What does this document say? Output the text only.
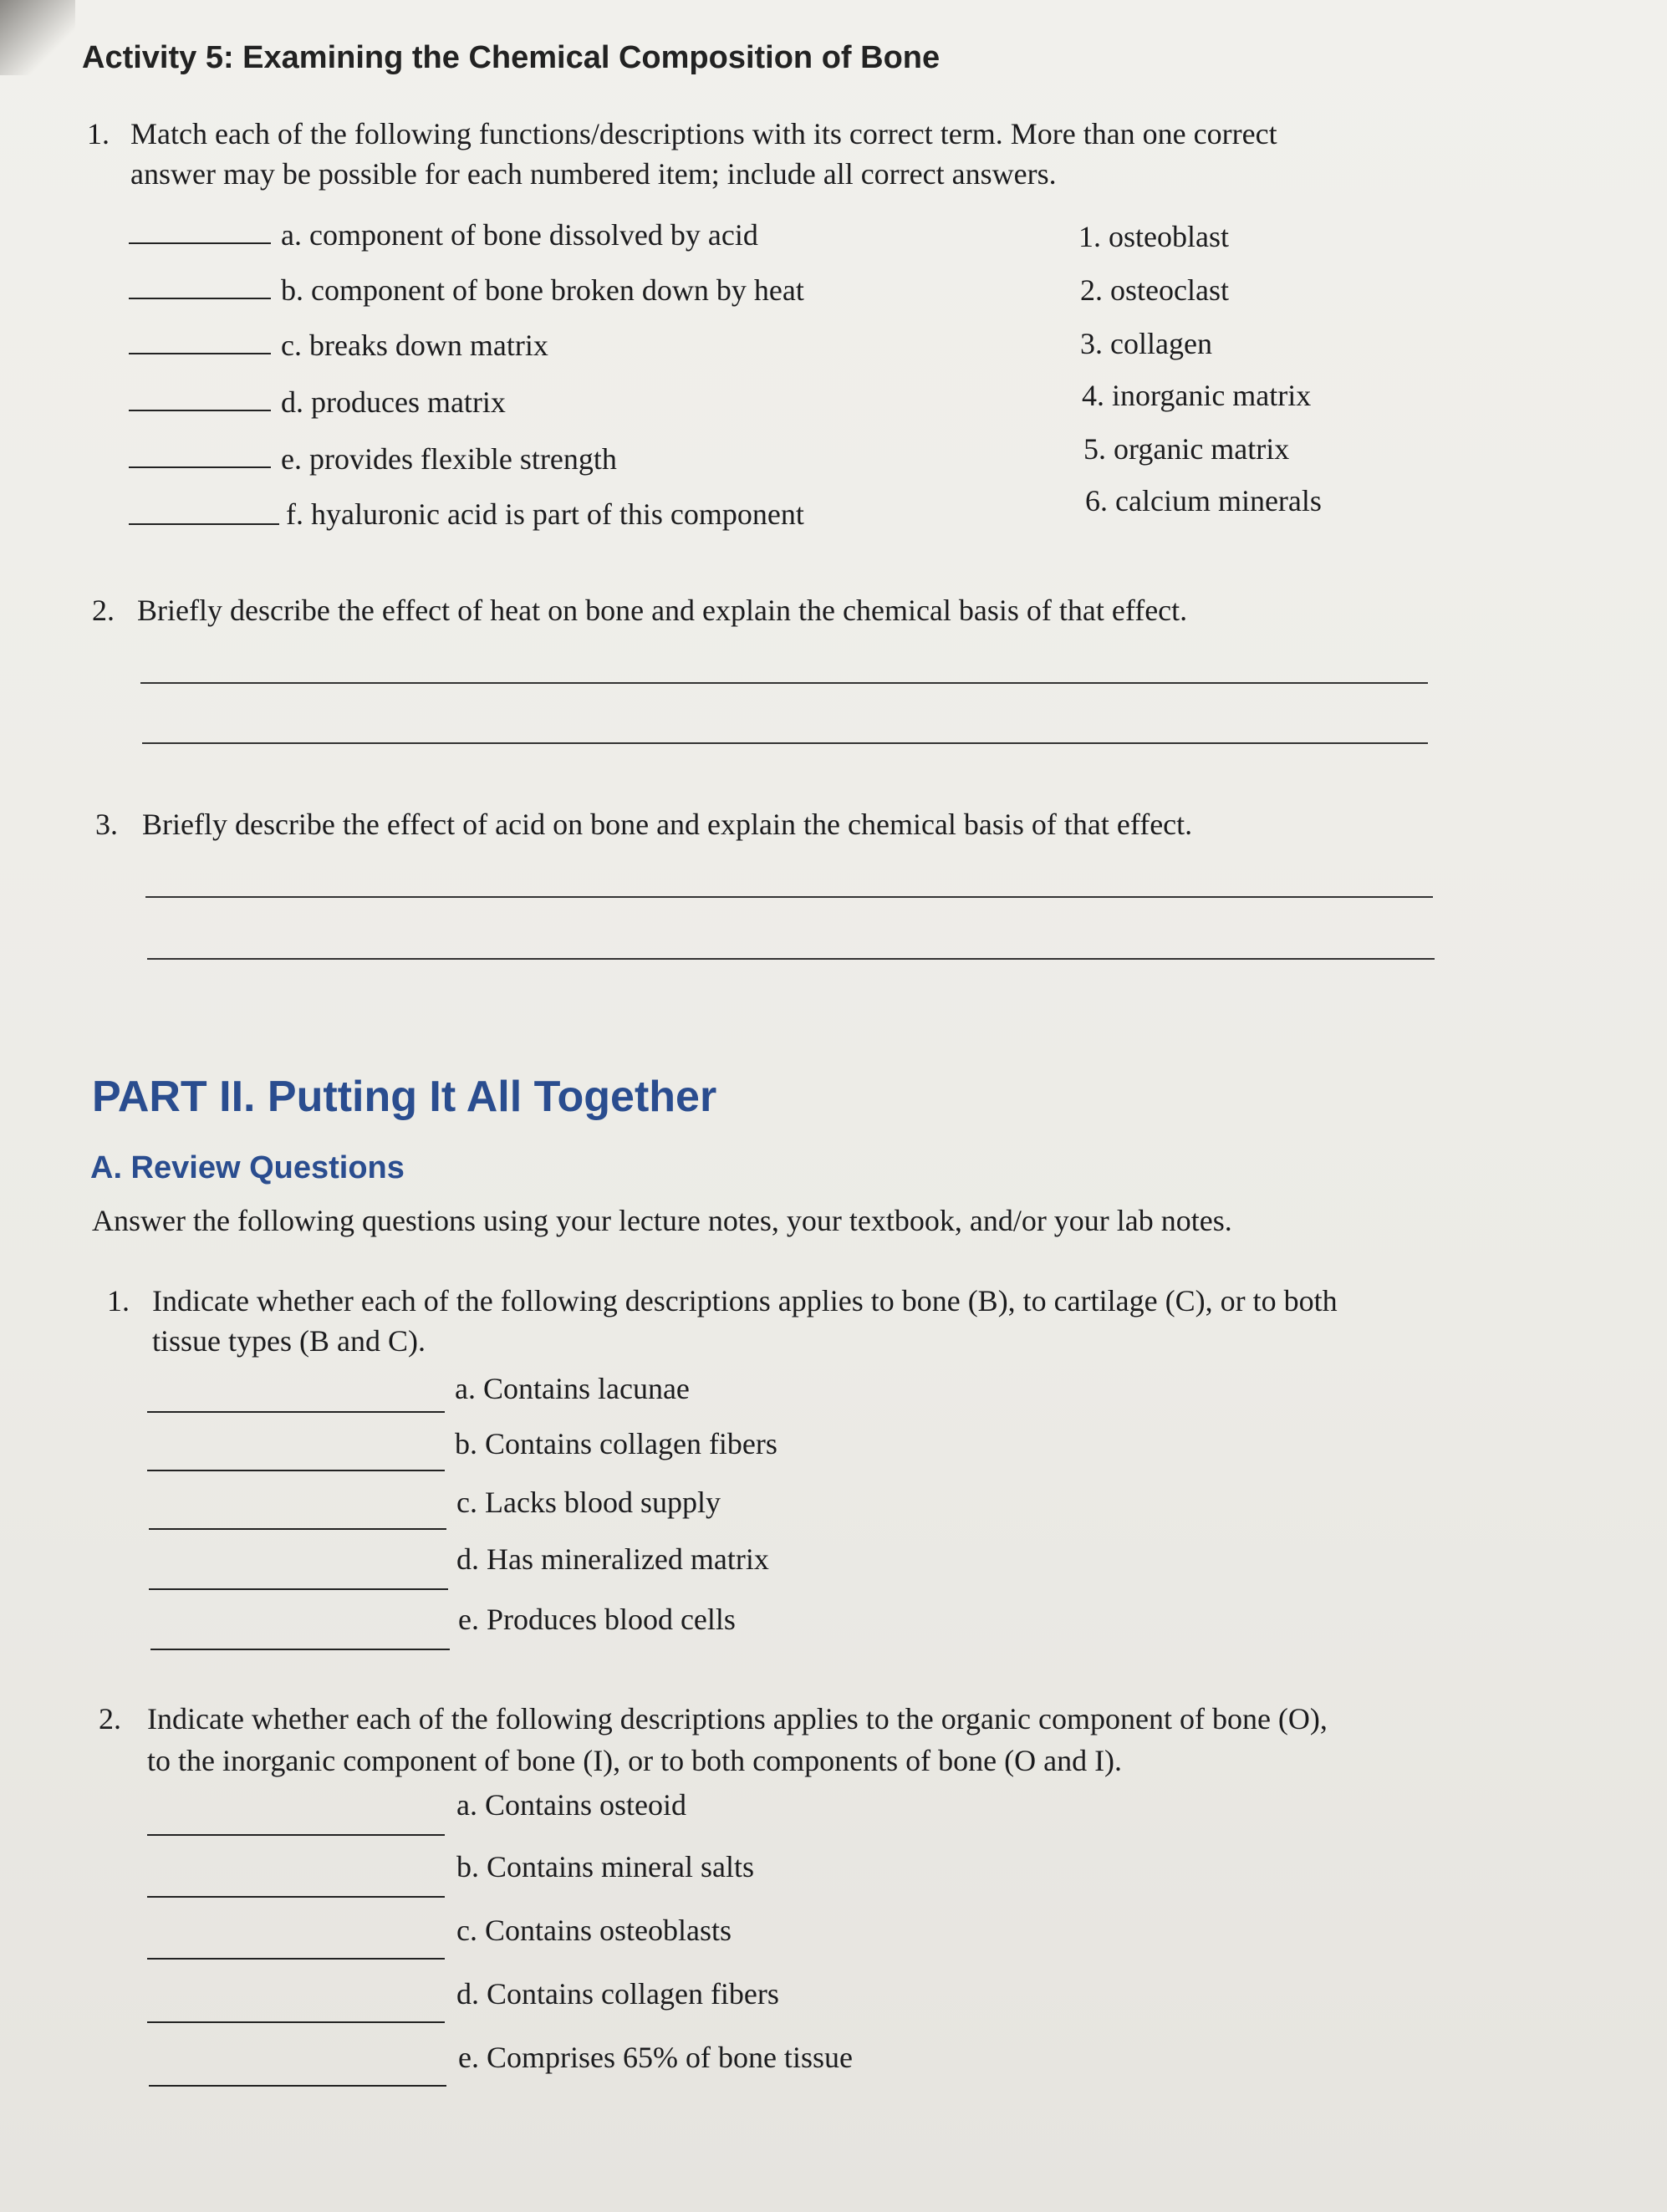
Activity 5: Examining the Chemical Composition of Bone
1. Match each of the following functions/descriptions with its correct term. More than one correct
answer may be possible for each numbered item; include all correct answers.
a. component of bone dissolved by acid
b. component of bone broken down by heat
c. breaks down matrix
d. produces matrix
e. provides flexible strength
f. hyaluronic acid is part of this component
1. osteoblast
2. osteoclast
3. collagen
4. inorganic matrix
5. organic matrix
6. calcium minerals
2. Briefly describe the effect of heat on bone and explain the chemical basis of that effect.
3. Briefly describe the effect of acid on bone and explain the chemical basis of that effect.
PART II. Putting It All Together
A. Review Questions
Answer the following questions using your lecture notes, your textbook, and/or your lab notes.
1. Indicate whether each of the following descriptions applies to bone (B), to cartilage (C), or to both
tissue types (B and C).
a. Contains lacunae
b. Contains collagen fibers
c. Lacks blood supply
d. Has mineralized matrix
e. Produces blood cells
2. Indicate whether each of the following descriptions applies to the organic component of bone (O),
to the inorganic component of bone (I), or to both components of bone (O and I).
a. Contains osteoid
b. Contains mineral salts
c. Contains osteoblasts
d. Contains collagen fibers
e. Comprises 65% of bone tissue
